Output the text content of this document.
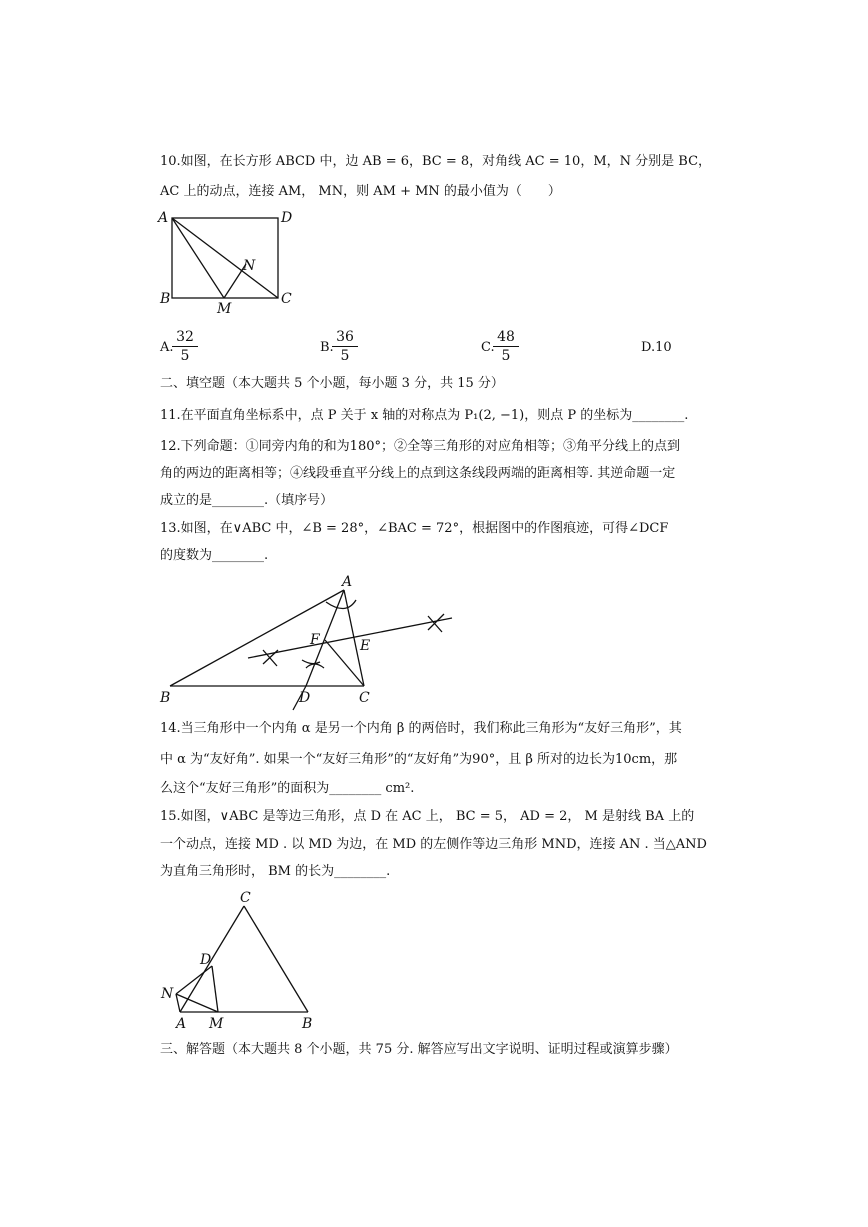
10.如图，在长方形 ABCD 中，边 AB = 6，BC = 8，对角线 AC = 10，M，N 分别是 BC，
AC 上的动点，连接 AM， MN，则 AM + MN 的最小值为（　　）
A	D
B	C
M
N
A
B	C
D
E
F
C
D
N
A M	B
A.
$\frac{32}{5}$	B.
$\frac{36}{5}$	C.
$\frac{48}{5}$	D.10
二、填空题（本大题共 5 个小题，每小题 3 分，共 15 分）
11.在平面直角坐标系中，点 P 关于 x 轴的对称点为 P₁(2, −1)，则点 P 的坐标为________.
12.下列命题：①同旁内角的和为180°；②全等三角形的对应角相等；③角平分线上的点到
角的两边的距离相等；④线段垂直平分线上的点到这条线段两端的距离相等. 其逆命题一定
成立的是________.（填序号）
13.如图，在∨ABC 中，∠B = 28°，∠BAC = 72°，根据图中的作图痕迹，可得∠DCF
的度数为________.
14.当三角形中一个内角 α 是另一个内角 β 的两倍时，我们称此三角形为“友好三角形”，其
中 α 为“友好角”. 如果一个“友好三角形”的“友好角”为90°，且 β 所对的边长为10cm，那
么这个“友好三角形”的面积为________ cm².
15.如图，∨ABC 是等边三角形，点 D 在 AC 上， BC = 5， AD = 2， M 是射线 BA 上的
一个动点，连接 MD . 以 MD 为边，在 MD 的左侧作等边三角形 MND，连接 AN . 当△AND
为直角三角形时， BM 的长为________.
三、解答题（本大题共 8 个小题，共 75 分. 解答应写出文字说明、证明过程或演算步骤）
